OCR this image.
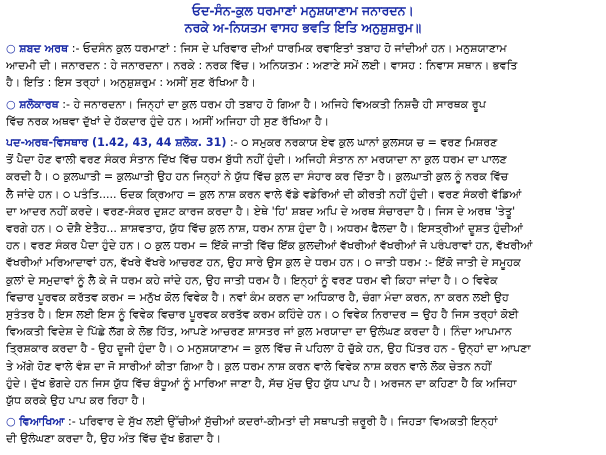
ਓਦ-ਸੰਨ-ਕੁਲ ਧਰਮਾਣਾਂ ਮਨੁਸ਼ਯਾਣਾਮ ਜਨਾਰਦਨ।
ਨਰਕੇ ਅ-ਨਿਯਤਮ ਵਾਸਹ ਭਵਤਿ ਇਤਿ ਅਨੁਸ਼ੁਸ਼ਰੁਮ॥
○ ਸ਼ਬਦ ਅਰਥ :- ਓਦਸੰਨ ਕੁਲ ਧਰਮਾਣਾਂ : ਜਿਸ ਦੇ ਪਰਿਵਾਰ ਦੀਆਂ ਧਾਰਮਿਕ ਰਵਾਇਤਾਂ ਤਬਾਹ ਹੋ ਜਾਂਦੀਆਂ ਹਨ। ਮਨੁਸ਼ਯਾਣਾਮ
ਆਦਮੀ ਦੀ। ਜਨਾਰਦਨ : ਹੇ ਜਨਾਰਦਨਾ। ਨਰਕੇ : ਨਰਕ ਵਿੱਚ। ਅਨਿਯਤਮ : ਅਣਾਣੇ ਸਮੇਂ ਲਈ। ਵਾਸਹ : ਨਿਵਾਸ ਸਥਾਨ। ਭਵਤਿ
ਹੈ। ਇਤਿ : ਇਸ ਤਰ੍ਹਾਂ। ਅਨੁਸ਼ੁਸ਼ਰੁਮ : ਅਸੀਂ ਸੁਣ ਰੱਖਿਆ ਹੈ।
○ ਸ਼ਲੋਕਾਰਥ :- ਹੇ ਜਨਾਰਦਨਾ। ਜਿਨ੍ਹਾਂ ਦਾ ਕੁਲ ਧਰਮ ਹੀ ਤਬਾਹ ਹੋ ਗਿਆ ਹੈ। ਅਜਿਹੇ ਵਿਅਕਤੀ ਨਿਸ਼ਚੈ ਹੀ ਸਾਰਥਕ ਰੂਪ
ਵਿੱਚ ਨਰਕ ਅਥਵਾ ਦੁੱਖਾਂ ਦੇ ਹੱਕਦਾਰ ਹੁੰਦੇ ਹਨ। ਅਸੀਂ ਅਜਿਹਾ ਹੀ ਸੁਣ ਰੱਖਿਆ ਹੈ।
ਪਦ-ਅਰਥ-ਵਿਸਥਾਰ (1.42, 43, 44 ਸ਼ਲੋਕ. 31) :- ੦ ਸਮੁਕਰ ਨਰਕਾਯ ਏਵ ਕੁਲ ਘਾਨਾਂ ਕੁਲਸਯ ਚ = ਵਰਣ ਮਿਸ਼ਰਣ
ਤੋਂ ਪੈਦਾ ਹੋਣ ਵਾਲੀ ਵਰਣ ਸੰਕਰ ਸੰਤਾਨ ਦਿੱਖ ਵਿੱਚ ਧਰਮ ਬੁੱਧੀ ਨਹੀਂ ਹੁੰਦੀ। ਅਜਿਹੀ ਸੰਤਾਨ ਨਾ ਮਰਯਾਦਾ ਨਾ ਕੁਲ ਧਰਮ ਦਾ ਪਾਲਣ
ਕਰਦੀ ਹੈ। ੦ ਕੁਲਘਾਤੀ = ਕੁਲਘਾਤੀ ਉਹ ਹਨ ਜਿਨ੍ਹਾਂ ਨੇ ਯੁੱਧ ਵਿੱਚ ਕੁਲ ਦਾ ਸੰਹਾਰ ਕਰ ਦਿੱਤਾ ਹੈ। ਕੁਲਘਾਤੀ ਕੁਲ ਨੂੰ ਨਰਕ ਵਿੱਚ
ਲੈ ਜਾਂਦੇ ਹਨ। ੦ ਪਤੰਤਿ..... ਓਦਕ ਕ੍ਰਿਆਹ = ਕੁਲ ਨਾਸ਼ ਕਰਨ ਵਾਲੇ ਵੱਡੇ ਵਡੇਰਿਆਂ ਦੀ ਕੀਰਤੀ ਨਹੀਂ ਹੁੰਦੀ। ਵਰਣ ਸੰਕਰੀ ਵੱਡਿਆਂ
ਦਾ ਆਦਰ ਨਹੀਂ ਕਰਦੇ। ਵਰਣ-ਸੰਕਰ ਦੁਸ਼ਟ ਕਾਰਜ ਕਰਦਾ ਹੈ। ਏਥੇ 'ਹਿ' ਸ਼ਬਦ ਅਪਿ ਦੇ ਅਰਥ ਸੰਚਾਰਦਾ ਹੈ। ਜਿਸ ਦੇ ਅਰਥ 'ਤੇਤੂ'
ਵਰਗੇ ਹਨ। ੦ ਦੋਸ਼ੈ ਏਤੈਹ... ਸ਼ਾਸ਼ਵਤਾਹ, ਯੁੱਧ ਵਿੱਚ ਕੁਲ ਨਾਸ਼, ਧਰਮ ਨਾਸ਼ ਹੁੰਦਾ ਹੈ। ਅਧਰਮ ਫੈਲਦਾ ਹੈ। ਇਸਤ੍ਰੀਆਂ ਦੂਸ਼ਤ ਹੁੰਦੀਆਂ
ਹਨ। ਵਰਣ ਸੰਕਰ ਪੈਦਾ ਹੁੰਦੇ ਹਨ। ੦ ਕੁਲ ਧਰਮ = ਇੱਕੋ ਜਾਤੀ ਵਿੱਚ ਇੱਕ ਕੁਲਦੀਆਂ ਵੱਖਰੀਆਂ ਵੱਖਰੀਆਂ ਜੋ ਪਰੰਪਰਾਵਾਂ ਹਨ, ਵੱਖਰੀਆਂ
ਵੱਖਰੀਆਂ ਮਰਿਆਦਾਵਾਂ ਹਨ, ਵੱਖਰੇ ਵੱਖਰੇ ਆਚਰਣ ਹਨ, ਉਹ ਸਾਰੇ ਉਸ ਕੁਲ ਦੇ ਧਰਮ ਹਨ। ੦ ਜਾਤੀ ਧਰਮ :- ਇੱਕੋ ਜਾਤੀ ਦੇ ਸਮੂਹਕ
ਕੁਲਾਂ ਦੇ ਸਮੁਦਾਵਾਂ ਨੂੰ ਲੈ ਕੇ ਜੋ ਧਰਮ ਕਹੇ ਜਾਂਦੇ ਹਨ, ਉਹ ਜਾਤੀ ਧਰਮ ਹੈ। ਇਨ੍ਹਾਂ ਨੂੰ ਵਰਣ ਧਰਮ ਵੀ ਕਿਹਾ ਜਾਂਦਾ ਹੈ। ੦ ਵਿਵੇਕ
ਵਿਚਾਰ ਪੂਰਵਕ ਕਰੱਤਵ ਕਰਮ = ਮਨੁੱਖ ਕੋਲ ਵਿਵੇਕ ਹੈ। ਨਵਾਂ ਕੰਮ ਕਰਨ ਦਾ ਅਧਿਕਾਰ ਹੈ, ਚੰਗਾ ਮੰਦਾ ਕਰਨ, ਨਾ ਕਰਨ ਲਈ ਉਹ
ਸੁਤੰਤਰ ਹੈ। ਇਸ ਲਈ ਇਸ ਨੂੰ ਵਿਵੇਕ ਵਿਚਾਰ ਪੂਰਵਕ ਕਰਤੱਵ ਕਰਮ ਕਹਿੰਦੇ ਹਨ। ੦ ਵਿਵੇਕ ਨਿਰਾਦਰ = ਉਹ ਹੈ ਜਿਸ ਤਰ੍ਹਾਂ ਕੋਈ
ਵਿਅਕਤੀ ਵਿਦੇਸ਼ ਦੇ ਪਿੱਛੇ ਲੱਗ ਕੇ ਲੋਭ ਹਿੱਤ, ਆਪਣੇ ਆਚਰਣ ਸ਼ਾਸਤਰ ਜਾਂ ਕੁਲ ਮਰਯਾਦਾ ਦਾ ਉਲੰਘਣ ਕਰਦਾ ਹੈ। ਨਿੰਦਾ ਆਪਮਾਨ
ਤ੍ਰਿਸ਼ਕਾਰ ਕਰਦਾ ਹੈ - ਉਹ ਦੂਜੀ ਹੁੰਦਾ ਹੈ। ੦ ਮਨੁਸ਼ਯਾਣਾਮ = ਕੁਲ ਵਿੱਚ ਜੋ ਪਹਿਲਾ ਹੋ ਚੁੱਕੇ ਹਨ, ਉਹ ਪਿੱਤਰ ਹਨ - ਉਨ੍ਹਾਂ ਦਾ ਆਪਣਾ
ਤੇ ਅੱਗੇ ਹੋਣ ਵਾਲੇ ਵੰਸ਼ ਦਾ ਜੋ ਸਾਰੀਆਂ ਕੀਤਾ ਗਿਆ ਹੈ। ਕੁਲ ਧਰਮ ਨਾਸ਼ ਕਰਨ ਵਾਲੇ ਵਿਵੇਕ ਨਾਸ਼ ਕਰਨ ਵਾਲੇ ਲੋਕ ਚੇਤਨ ਨਹੀਂ
ਹੁੰਦੇ। ਦੁੱਖ ਭੋਗਦੇ ਹਨ ਜਿਸ ਯੁੱਧ ਵਿੱਚ ਬੰਧੂਆਂ ਨੂੰ ਮਾਰਿਆ ਜਾਣਾ ਹੈ, ਸੱਚ ਮੁੱਚ ਉਹ ਯੁੱਧ ਪਾਪ ਹੈ। ਅਰਜਨ ਦਾ ਕਹਿਣਾ ਹੈ ਕਿ ਅਜਿਹਾ
ਯੁੱਧ ਕਰਕੇ ਉਹ ਪਾਪ ਕਰ ਰਿਹਾ ਹੈ।
○ ਵਿਆਖਿਆ :- ਪਰਿਵਾਰ ਦੇ ਸੁੱਖ ਲਈ ਉੱਚੀਆਂ ਸੁੱਚੀਆਂ ਕਦਰਾਂ-ਕੀਮਤਾਂ ਦੀ ਸਥਾਪਤੀ ਜ਼ਰੂਰੀ ਹੈ। ਜਿਹੜਾ ਵਿਅਕਤੀ ਇਨ੍ਹਾਂ
ਦੀ ਉਲੰਘਣਾ ਕਰਦਾ ਹੈ, ਉਹ ਅੰਤ ਵਿੱਚ ਦੁੱਖ ਭੋਗਦਾ ਹੈ।
